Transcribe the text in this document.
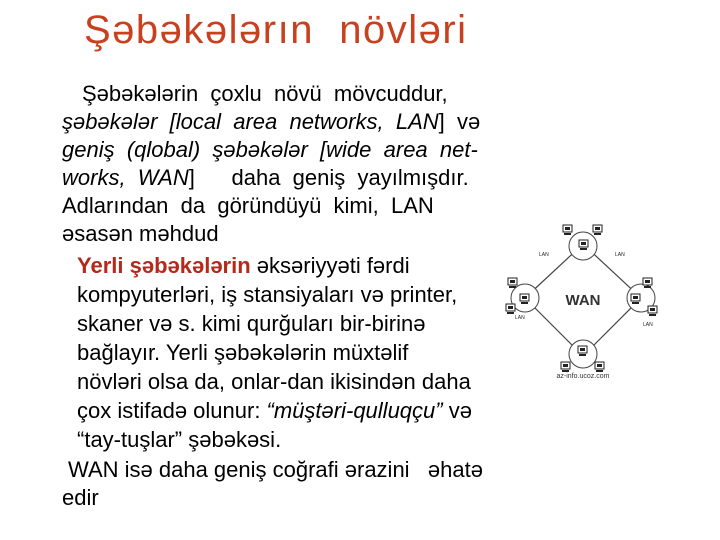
Şəbəkələrın  növləri
Şəbəkələrin  çoxlu  növü  mövcuddur,
şəbəkələr  [local  area  networks,  LAN]  və
geniş  (qlobal)  şəbəkələr  [wide  area  net-
works,  WAN]      daha  geniş  yayılmışdır.
Adlarından  da  göründüyü  kimi,  LAN
əsasən məhdud
Yerli şəbəkələrin əksəriyyəti fərdi
kompyuterləri, iş stansiyaları və printer,
skaner və s. kimi qurğuları bir-birinə
bağlayır. Yerli şəbəkələrin müxtəlif
növləri olsa da, onlar-dan ikisindən daha
çox istifadə olunur: “müştəri-qulluqçu” və
“tay-tuşlar” şəbəkəsi.
WAN isə daha geniş coğrafi ərazini   əhatə
edir
LAN	LAN
LAN
LAN
WAN
az-info.ucoz.com
